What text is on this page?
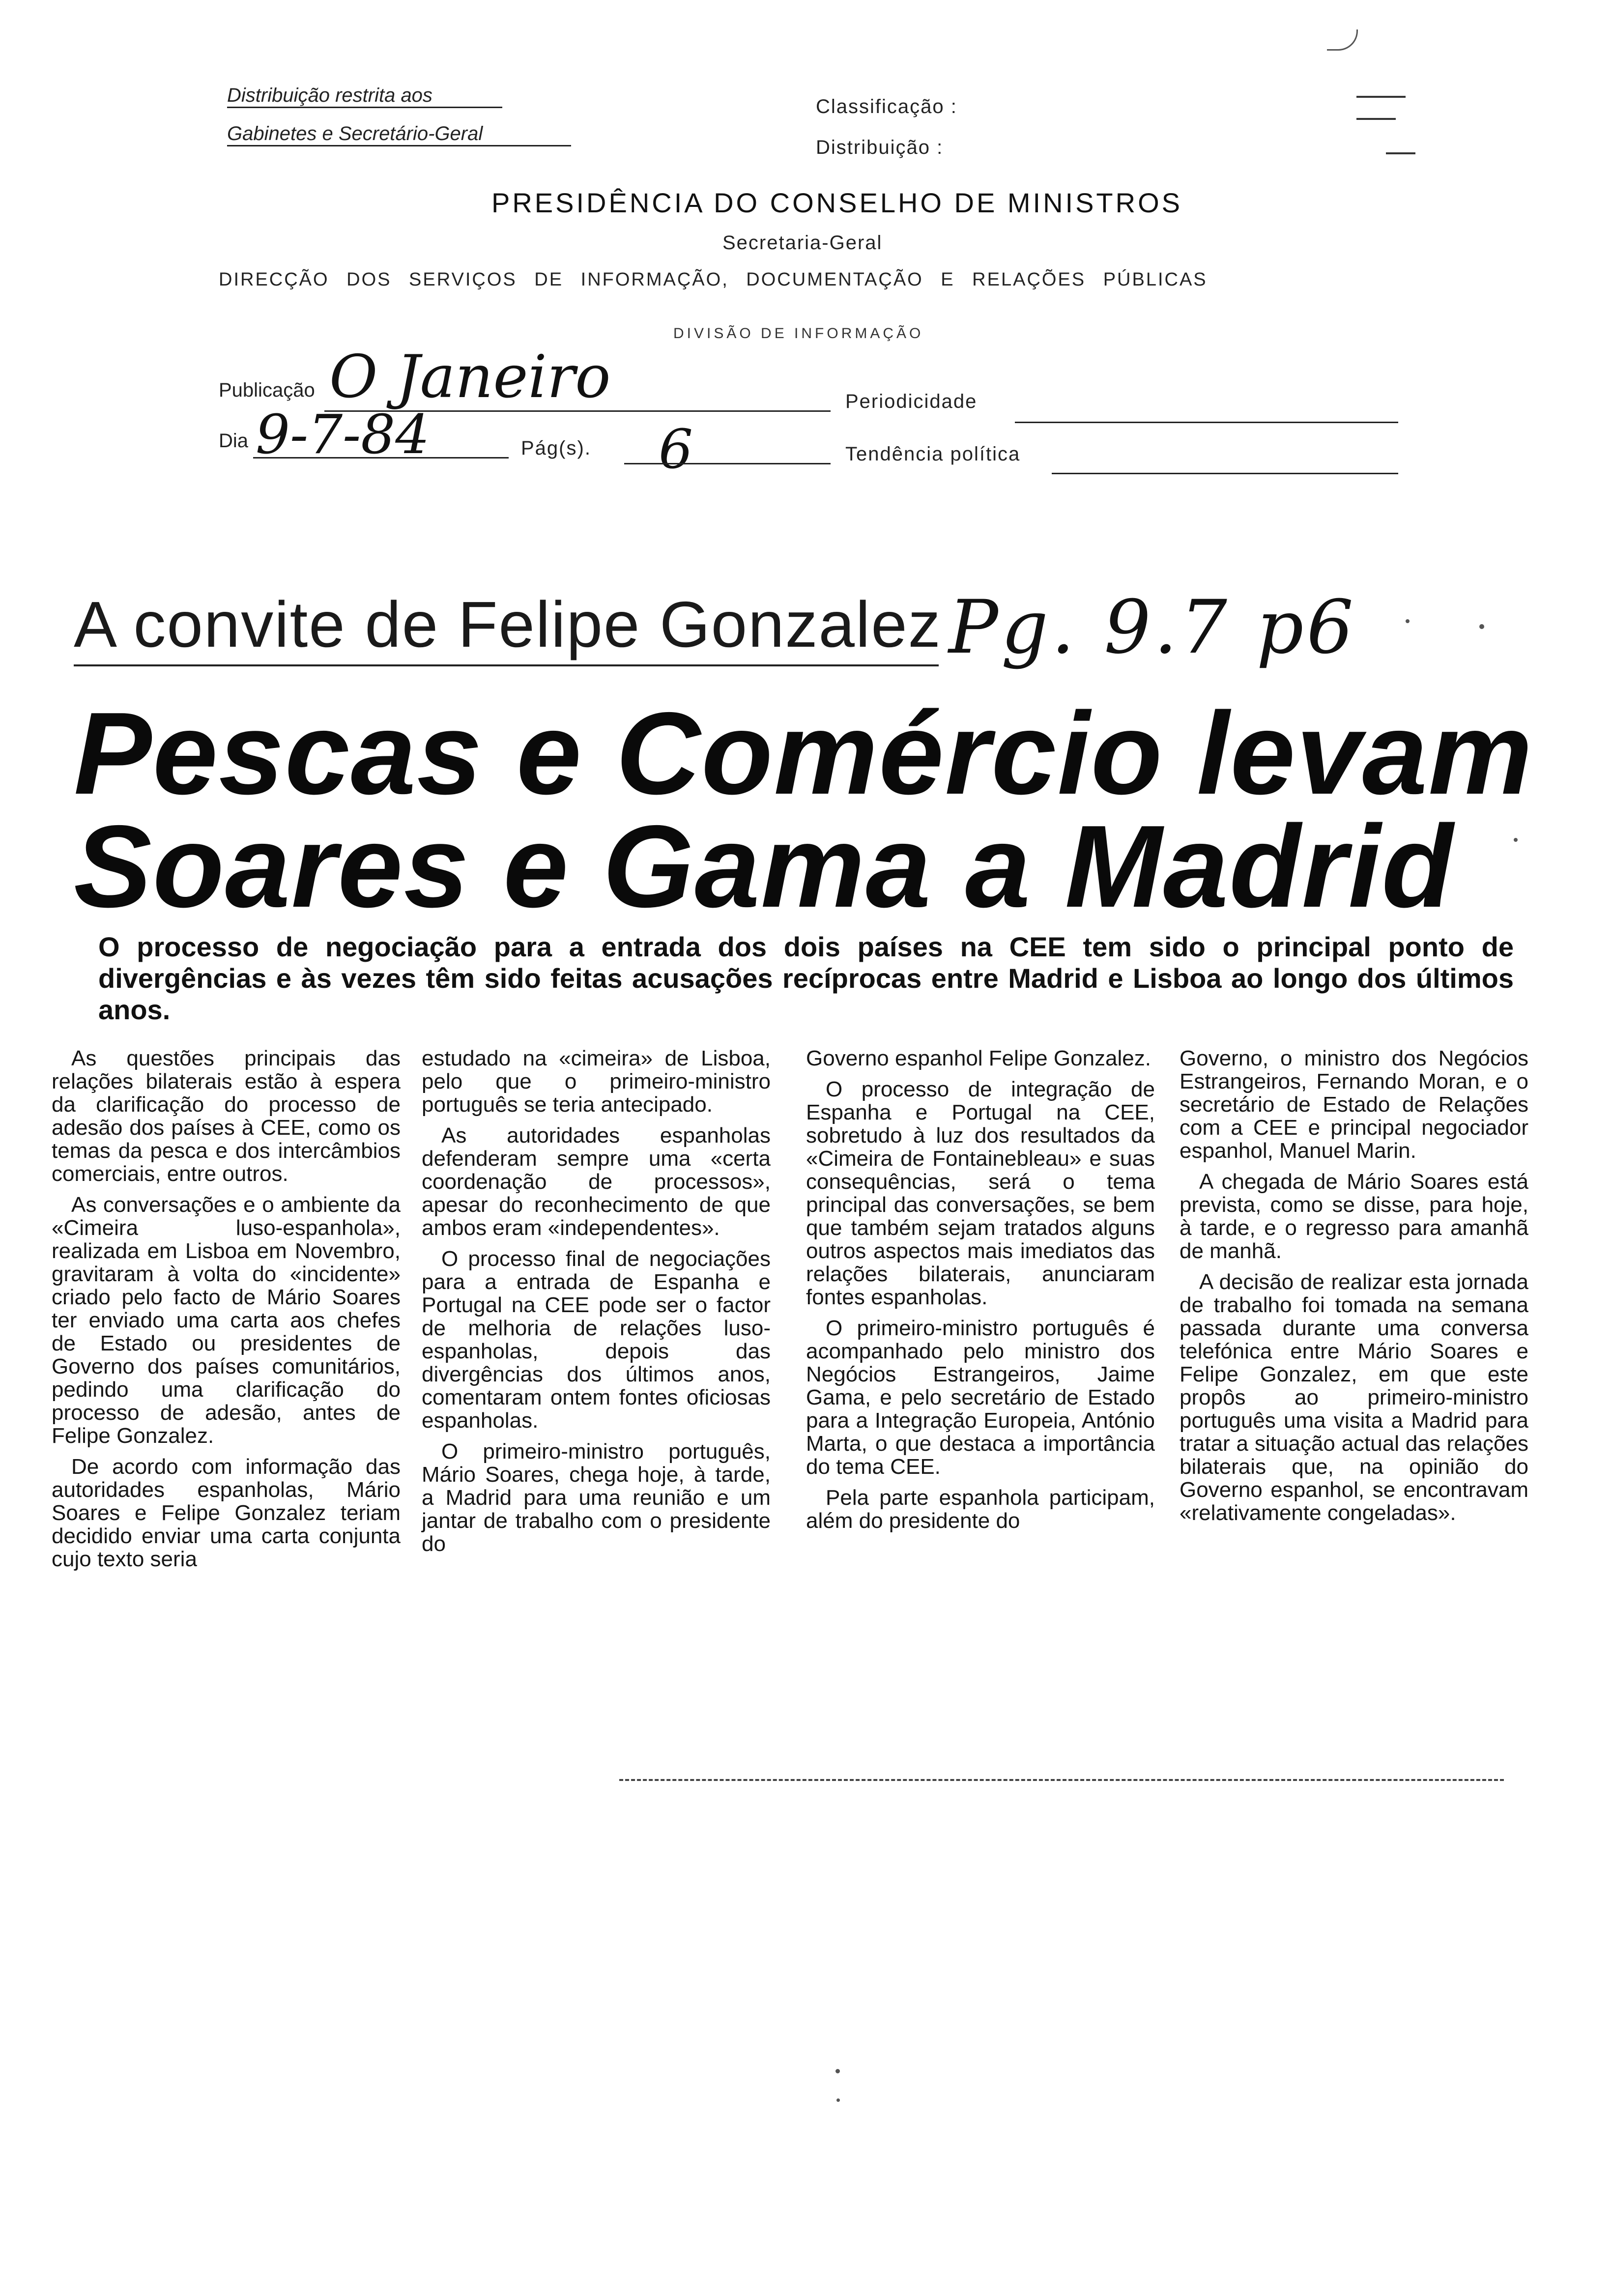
Distribuição restrita aos
Gabinetes e Secretário-Geral
Classificação :
Distribuição :
PRESIDÊNCIA DO CONSELHO DE MINISTROS
Secretaria-Geral
DIRECÇÃO DOS SERVIÇOS DE INFORMAÇÃO, DOCUMENTAÇÃO E RELAÇÕES PÚBLICAS
DIVISÃO DE INFORMAÇÃO
Publicação O Janeiro	Periodicidade
Dia 9-7-84	Pág(s). 6	Tendência política
A convite de Felipe Gonzalez Pg. 9.7 p6
Pescas e Comércio levam
Soares e Gama a Madrid
O processo de negociação para a entrada dos dois países na CEE tem sido o principal ponto de divergências e às vezes têm sido feitas acusações recíprocas entre Madrid e Lisboa ao longo dos últimos anos.

As questões principais das relações bilaterais estão à espera da clarificação do processo de adesão dos países à CEE, como os temas da pesca e dos intercâmbios comerciais, entre outros.

As conversações e o ambiente da «Cimeira luso-espanhola», realizada em Lisboa em Novembro, gravitaram à volta do «incidente» criado pelo facto de Mário Soares ter enviado uma carta aos chefes de Estado ou presidentes de Governo dos países comunitários, pedindo uma clarificação do processo de adesão, antes de Felipe Gonzalez.

De acordo com informação das autoridades espanholas, Mário Soares e Felipe Gonzalez teriam decidido enviar uma carta conjunta cujo texto seria

estudado na «cimeira» de Lisboa, pelo que o primeiro-ministro português se teria antecipado.

As autoridades espanholas defenderam sempre uma «certa coordenação de processos», apesar do reconhecimento de que ambos eram «independentes».

O processo final de negociações para a entrada de Espanha e Portugal na CEE pode ser o factor de melhoria de relações luso-espanholas, depois das divergências dos últimos anos, comentaram ontem fontes oficiosas espanholas.

O primeiro-ministro português, Mário Soares, chega hoje, à tarde, a Madrid para uma reunião e um jantar de trabalho com o presidente do

Governo espanhol Felipe Gonzalez.

O processo de integração de Espanha e Portugal na CEE, sobretudo à luz dos resultados da «Cimeira de Fontainebleau» e suas consequências, será o tema principal das conversações, se bem que também sejam tratados alguns outros aspectos mais imediatos das relações bilaterais, anunciaram fontes espanholas.

O primeiro-ministro português é acompanhado pelo ministro dos Negócios Estrangeiros, Jaime Gama, e pelo secretário de Estado para a Integração Europeia, António Marta, o que destaca a importância do tema CEE.

Pela parte espanhola participam, além do presidente do

Governo, o ministro dos Negócios Estrangeiros, Fernando Moran, e o secretário de Estado de Relações com a CEE e principal negociador espanhol, Manuel Marin.

A chegada de Mário Soares está prevista, como se disse, para hoje, à tarde, e o regresso para amanhã de manhã.

A decisão de realizar esta jornada de trabalho foi tomada na semana passada durante uma conversa telefónica entre Mário Soares e Felipe Gonzalez, em que este propôs ao primeiro-ministro português uma visita a Madrid para tratar a situação actual das relações bilaterais que, na opinião do Governo espanhol, se encontravam «relativamente congeladas».
